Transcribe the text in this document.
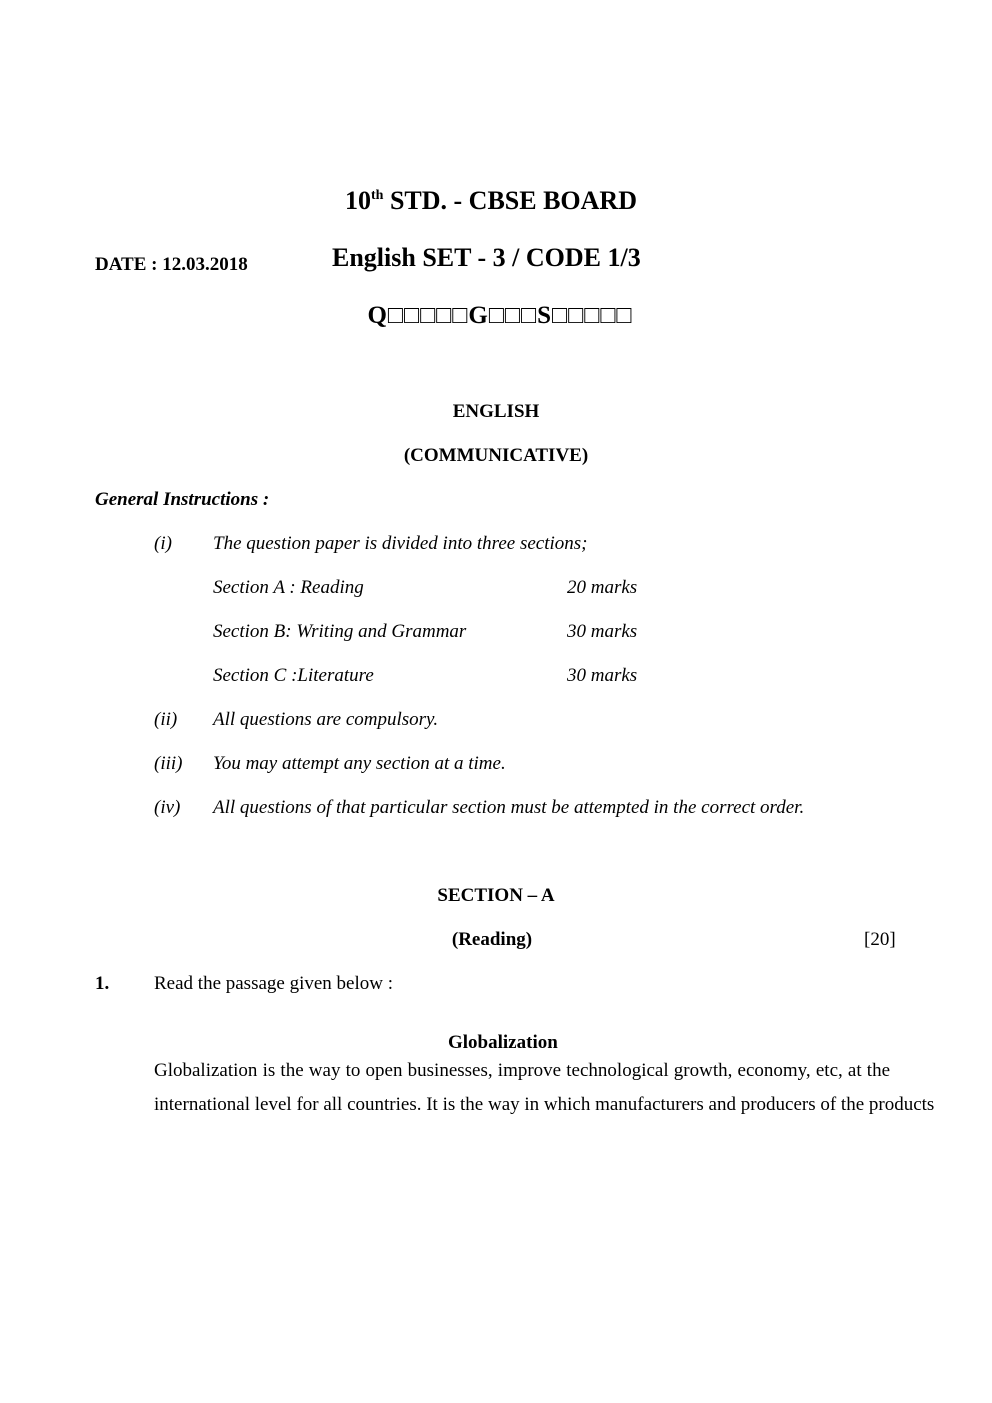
10th STD. - CBSE BOARD
DATE : 12.03.2018	English SET - 3 / CODE 1/3
Q□□□□□G□□□S□□□□□
ENGLISH
(COMMUNICATIVE)
General Instructions :
(i) The question paper is divided into three sections;
Section A : Reading	20 marks
Section B: Writing and Grammar	30 marks
Section C :Literature	30 marks
(ii) All questions are compulsory.
(iii) You may attempt any section at a time.
(iv) All questions of that particular section must be attempted in the correct order.
SECTION – A
(Reading)	[20]
1. Read the passage given below :
Globalization
Globalization is the way to open businesses, improve technological growth, economy, etc, at the
international level for all countries. It is the way in which manufacturers and producers of the products
